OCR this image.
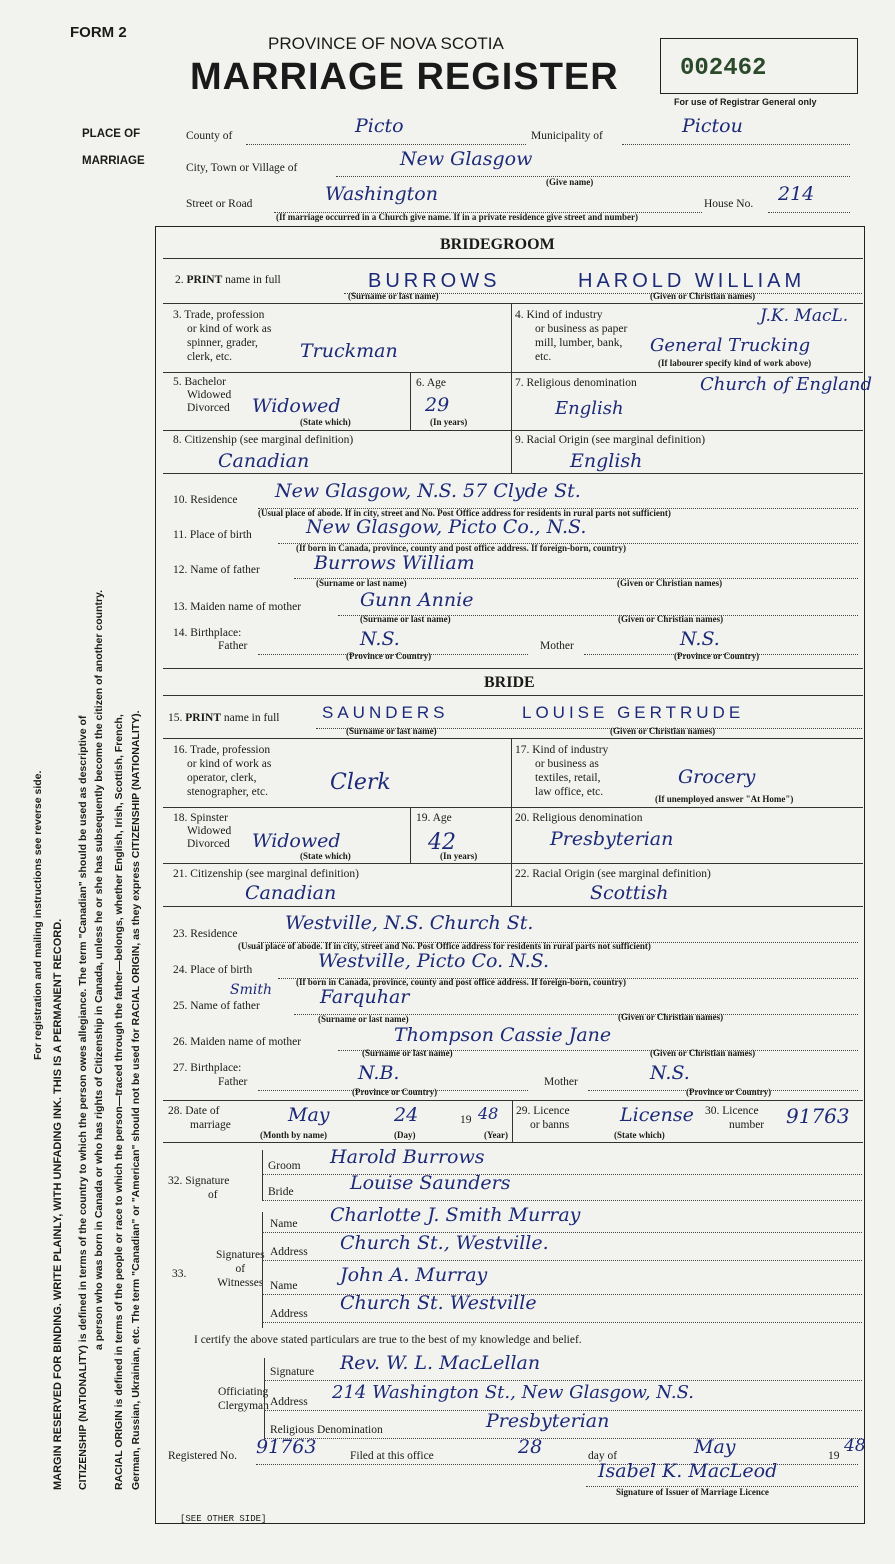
For registration and mailing instructions see reverse side.
MARGIN RESERVED FOR BINDING. WRITE PLAINLY, WITH UNFADING INK. THIS IS A PERMANENT RECORD. CITIZENSHIP (NATIONALITY) is defined in terms of the country to which the person owes allegiance. The term "Canadian" should be used as descriptive of a person who was born in Canada or who has rights of Citizenship in Canada, unless he or she has subsequently become the citizen of another country. RACIAL ORIGIN is defined in terms of the people or race to which the person—traced through the father—belongs, whether English, Irish, Scottish, French, German, Russian, Ukrainian, etc. The term "Canadian" or "American" should not be used for RACIAL ORIGIN, as they express CITIZENSHIP (NATIONALITY).
FORM 2
PROVINCE OF NOVA SCOTIA
MARRIAGE REGISTER	002462
For use of Registrar General only
PLACE OF
MARRIAGE
County of	Picto	Municipality of	Pictou
City, Town or Village of	New Glasgow
(Give name)
Street or Road	Washington	House No. 214
(If marriage occurred in a Church give name. If in a private residence give street and number)
BRIDEGROOM
2. PRINT name in full	BURROWS	HAROLD WILLIAM
(Surname or last name)	(Given or Christian names)
3. Trade, profession
or kind of work as
spinner, grader,
clerk, etc.	Truckman
4. Kind of industry
or business as paper
mill, lumber, bank,
etc.
J.K. MacL.
General Trucking
(If labourer specify kind of work above)
5. Bachelor
Widowed
Divorced Widowed
(State which)
6. Age
29
(In years)
7. Religious denomination	Church of England
English
8. Citizenship (see marginal definition)
Canadian
9. Racial Origin (see marginal definition)
English
10. Residence New Glasgow, N.S. 57 Clyde St.
(Usual place of abode. If in city, street and No. Post Office address for residents in rural parts not sufficient)
11. Place of birth	New Glasgow, Picto Co., N.S.
(If born in Canada, province, county and post office address. If foreign-born, country)
12. Name of father	Burrows William
(Surname or last name)	(Given or Christian names)
13. Maiden name of mother	Gunn Annie
(Surname or last name)	(Given or Christian names)
14. Birthplace:
Father	N.S.
(Province or Country)
Mother	N.S.
(Province or Country)
BRIDE
15. PRINT name in full	SAUNDERS	LOUISE GERTRUDE
(Surname or last name)	(Given or Christian names)
16. Trade, profession
or kind of work as
operator, clerk,
stenographer, etc.	Clerk
17. Kind of industry
or business as
textiles, retail,
law office, etc.
Grocery
(If unemployed answer "At Home")
18. Spinster
Widowed
Divorced Widowed
(State which)
19. Age
42
(In years)
20. Religious denomination
Presbyterian
21. Citizenship (see marginal definition)
Canadian
22. Racial Origin (see marginal definition)
Scottish
23. Residence Westville, N.S. Church St.
(Usual place of abode. If in city, street and No. Post Office address for residents in rural parts not sufficient)
24. Place of birth	Westville, Picto Co. N.S.
(If born in Canada, province, county and post office address. If foreign-born, country)
25. Name of father
Smith	Farquhar
(Surname or last name)	(Given or Christian names)
26. Maiden name of mother	Thompson Cassie Jane
(Surname or last name)	(Given or Christian names)
27. Birthplace:
Father	N.B.
(Province or Country)
Mother	N.S.
(Province or Country)
28. Date of
marriage	May	24	19 48
(Month by name)	(Day)	(Year)
29. Licence
or banns	License
(State which)
30. Licence
number 91763
32. Signature
of
Groom
Bride
Harold Burrows
Louise Saunders
33.
Signatures
of
Witnesses
Name Charlotte J. Smith Murray
Address Church St., Westville.
Name John A. Murray
Address Church St. Westville
I certify the above stated particulars are true to the best of my knowledge and belief.
Officiating
Clergyman
Signature Rev. W. L. MacLellan
Address 214 Washington St., New Glasgow, N.S.
Religious Denomination	Presbyterian
Registered No. 91763	Filed at this office	28	day of	May	19 48
Isabel K. MacLeod
Signature of Issuer of Marriage Licence
[SEE OTHER SIDE]
